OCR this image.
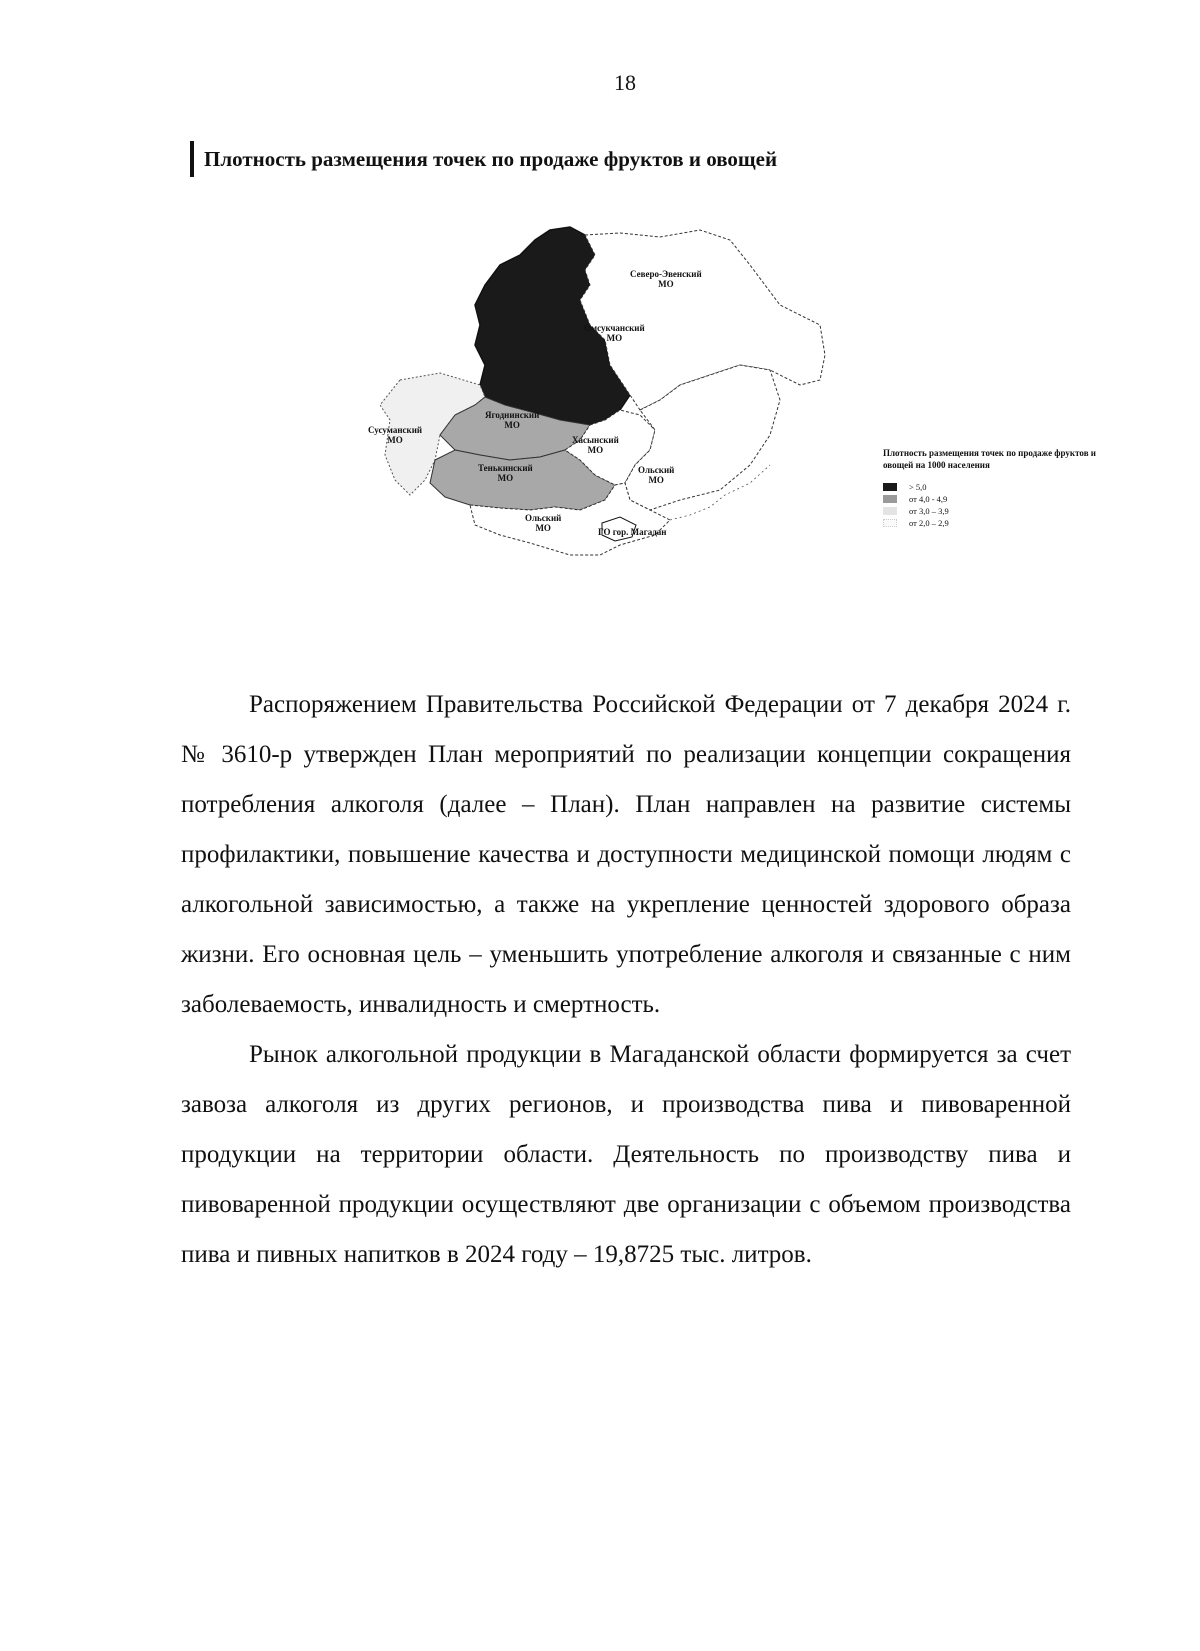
18
Плотность размещения точек по продаже фруктов и овощей
Северо-Эвенский
МО
Омсукчанский
МО
Сусуманский
МО
Ягоднинский
МО
Тенькинский
МО
Хасынский
МО
Ольский
МО
Ольский
МО	ГО гор. Магадан
Плотность размещения точек по продаже фруктов и овощей на 1000 населения
> 5,0
от 4,0 - 4,9
от 3,0 – 3,9
от 2,0 – 2,9

Распоряжением Правительства Российской Федерации от 7 декабря 2024 г. № 3610-р утвержден План мероприятий по реализации концепции сокращения потребления алкоголя (далее – План). План направлен на развитие системы профилактики, повышение качества и доступности медицинской помощи людям с алкогольной зависимостью, а также на укрепление ценностей здорового образа жизни. Его основная цель – уменьшить употребление алкоголя и связанные с ним заболеваемость, инвалидность и смертность.

Рынок алкогольной продукции в Магаданской области формируется за счет завоза алкоголя из других регионов, и производства пива и пивоваренной продукции на территории области. Деятельность по производству пива и пивоваренной продукции осуществляют две организации с объемом производства пива и пивных напитков в 2024 году – 19,8725 тыс. литров.
